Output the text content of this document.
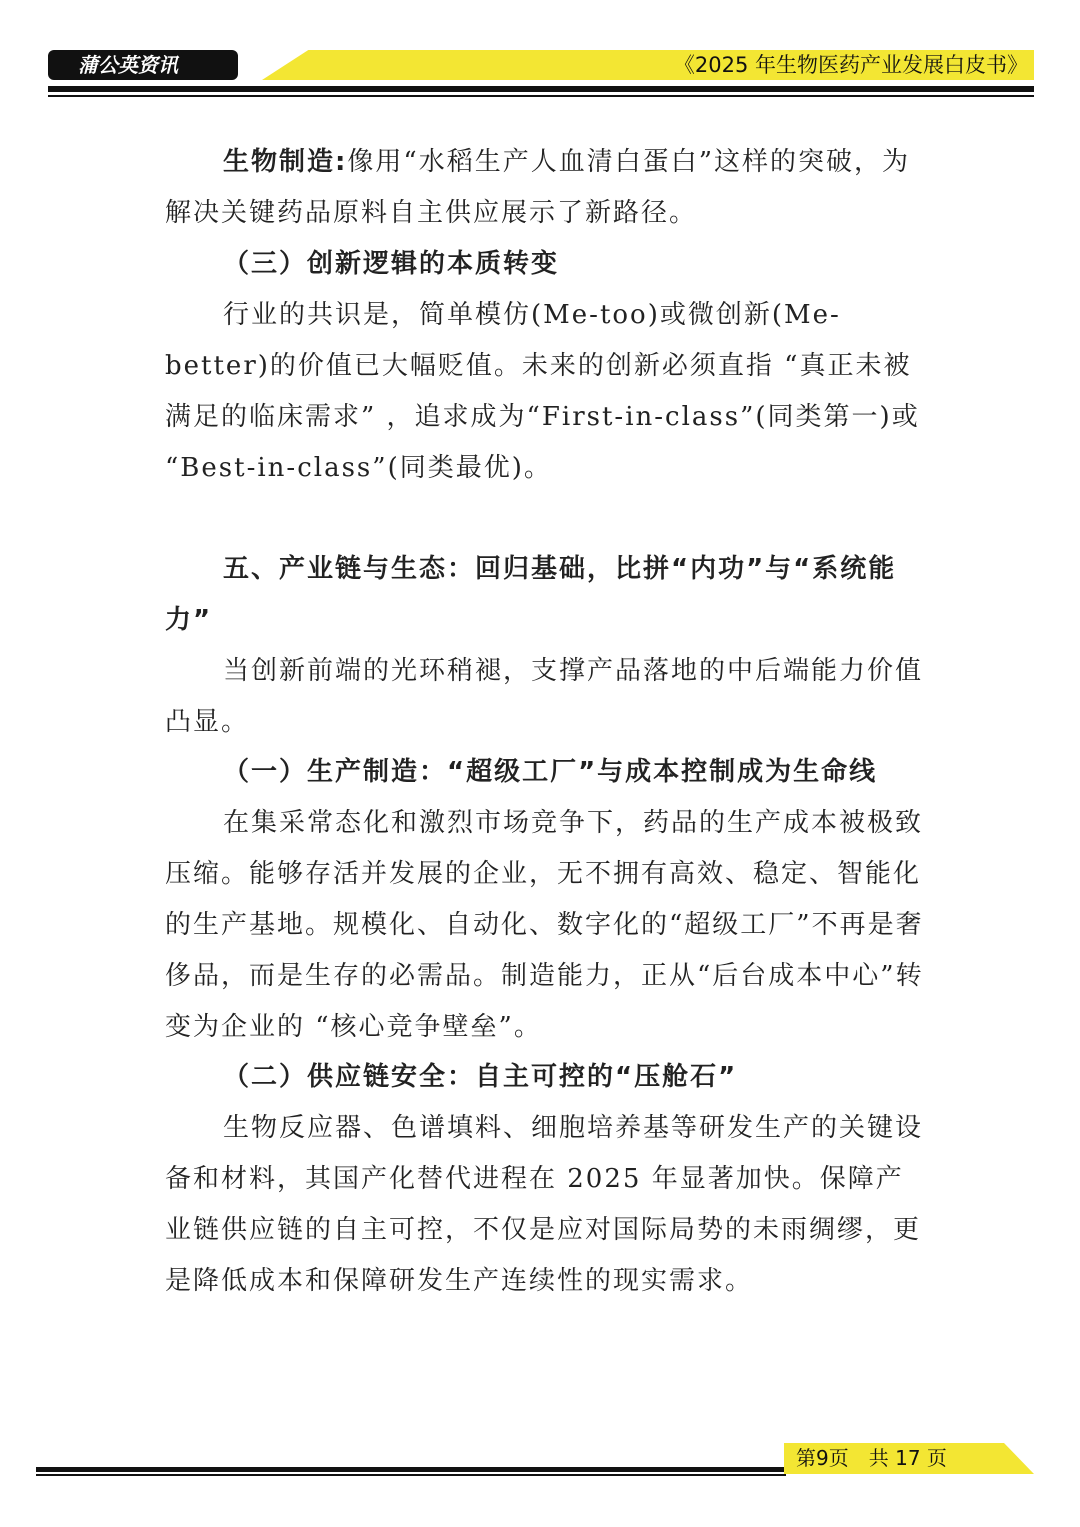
蒲公英资讯	《2025 年生物医药产业发展白皮书》

生物制造:像用“水稻生产人血清白蛋白”这样的突破，为解决关键药品原料自主供应展示了新路径。

（三）创新逻辑的本质转变

行业的共识是，简单模仿(Me-too)或微创新(Me-better)的价值已大幅贬值。未来的创新必须直指 “真正未被满足的临床需求” ，追求成为“First-in-class”(同类第一)或 “Best-in-class”(同类最优)。

五、产业链与生态：回归基础，比拼“内功”与“系统能力”

当创新前端的光环稍褪，支撑产品落地的中后端能力价值凸显。

（一）生产制造：“超级工厂”与成本控制成为生命线

在集采常态化和激烈市场竞争下，药品的生产成本被极致压缩。能够存活并发展的企业，无不拥有高效、稳定、智能化的生产基地。规模化、自动化、数字化的“超级工厂”不再是奢侈品，而是生存的必需品。制造能力，正从“后台成本中心”转变为企业的 “核心竞争壁垒”。

（二）供应链安全：自主可控的“压舱石”

生物反应器、色谱填料、细胞培养基等研发生产的关键设备和材料，其国产化替代进程在 2025 年显著加快。保障产业链供应链的自主可控，不仅是应对国际局势的未雨绸缪，更是降低成本和保障研发生产连续性的现实需求。

第9页 共 17 页
